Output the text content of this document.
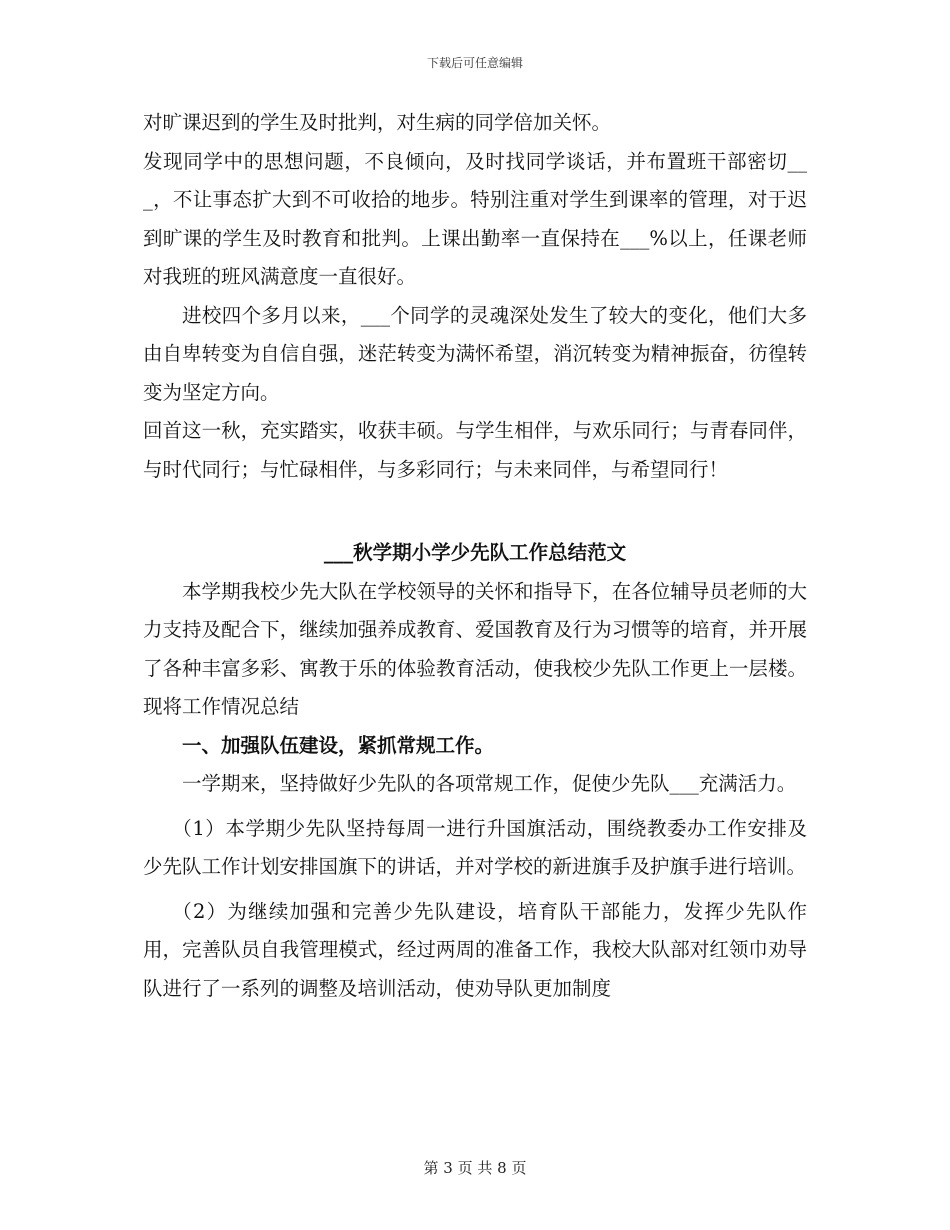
下载后可任意编辑

对旷课迟到的学生及时批判，对生病的同学倍加关怀。

发现同学中的思想问题，不良倾向，及时找同学谈话，并布置班干部密切___，不让事态扩大到不可收拾的地步。特别注重对学生到课率的管理，对于迟到旷课的学生及时教育和批判。上课出勤率一直保持在___%以上，任课老师对我班的班风满意度一直很好。

进校四个多月以来，___个同学的灵魂深处发生了较大的变化，他们大多由自卑转变为自信自强，迷茫转变为满怀希望，消沉转变为精神振奋，彷徨转变为坚定方向。

回首这一秋，充实踏实，收获丰硕。与学生相伴，与欢乐同行；与青春同伴，与时代同行；与忙碌相伴，与多彩同行；与未来同伴，与希望同行！

___秋学期小学少先队工作总结范文

本学期我校少先大队在学校领导的关怀和指导下，在各位辅导员老师的大力支持及配合下，继续加强养成教育、爱国教育及行为习惯等的培育，并开展了各种丰富多彩、寓教于乐的体验教育活动，使我校少先队工作更上一层楼。现将工作情况总结

一、加强队伍建设，紧抓常规工作。

一学期来，坚持做好少先队的各项常规工作，促使少先队___充满活力。

（1）本学期少先队坚持每周一进行升国旗活动，围绕教委办工作安排及少先队工作计划安排国旗下的讲话，并对学校的新进旗手及护旗手进行培训。

（2）为继续加强和完善少先队建设，培育队干部能力，发挥少先队作用，完善队员自我管理模式，经过两周的准备工作，我校大队部对红领巾劝导队进行了一系列的调整及培训活动，使劝导队更加制度

第 3 页 共 8 页
